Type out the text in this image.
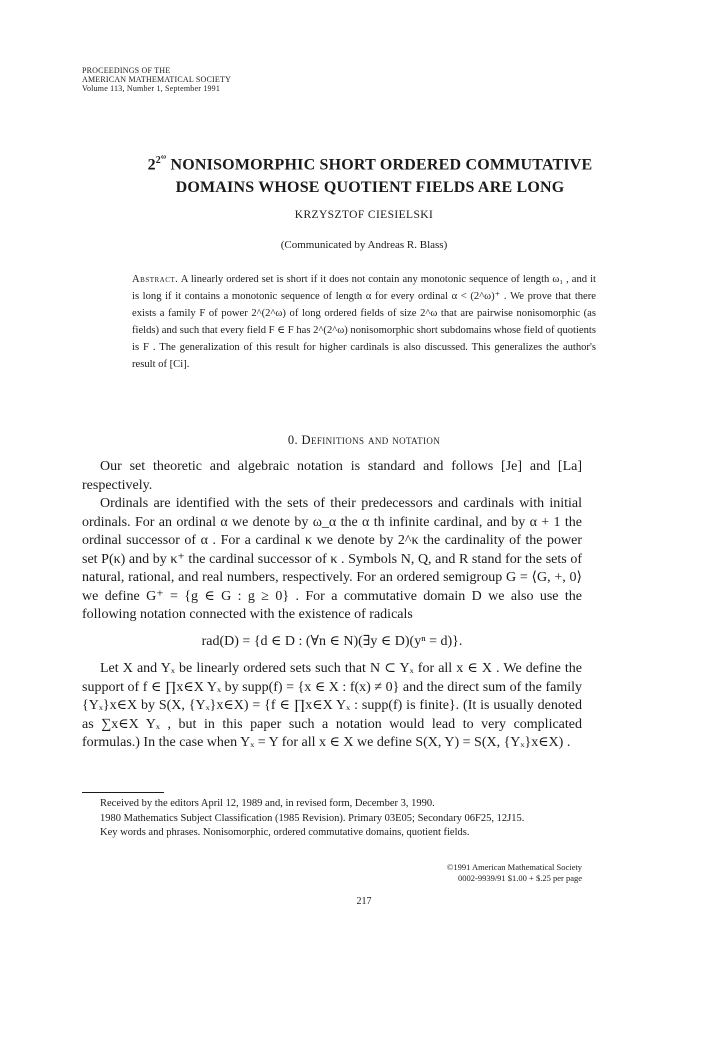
PROCEEDINGS OF THE
AMERICAN MATHEMATICAL SOCIETY
Volume 113, Number 1, September 1991
$2^{2^\omega}$ NONISOMORPHIC SHORT ORDERED COMMUTATIVE
DOMAINS WHOSE QUOTIENT FIELDS ARE LONG
KRZYSZTOF CIESIELSKI
(Communicated by Andreas R. Blass)
Abstract. A linearly ordered set is short if it does not contain any monotonic sequence of length ω₁ , and it is long if it contains a monotonic sequence of length α for every ordinal α < (2^ω)⁺ . We prove that there exists a family F of power 2^(2^ω) of long ordered fields of size 2^ω that are pairwise nonisomorphic (as fields) and such that every field F ∈ F has 2^(2^ω) nonisomorphic short subdomains whose field of quotients is F . The generalization of this result for higher cardinals is also discussed. This generalizes the author's result of [Ci].
0. Definitions and notation

Our set theoretic and algebraic notation is standard and follows [Je] and [La] respectively.

Ordinals are identified with the sets of their predecessors and cardinals with initial ordinals. For an ordinal α we denote by ω_α the α th infinite cardinal, and by α + 1 the ordinal successor of α . For a cardinal κ we denote by 2^κ the cardinality of the power set P(κ) and by κ⁺ the cardinal successor of κ . Symbols N, Q, and R stand for the sets of natural, rational, and real numbers, respectively. For an ordered semigroup G = ⟨G, +, 0⟩ we define G⁺ = {g ∈ G : g ≥ 0} . For a commutative domain D we also use the following notation connected with the existence of radicals

rad(D) = {d ∈ D : (∀n ∈ N)(∃y ∈ D)(yⁿ = d)}.

Let X and Yₓ be linearly ordered sets such that N ⊂ Yₓ for all x ∈ X . We define the support of f ∈ ∏x∈X Yₓ by supp(f) = {x ∈ X : f(x) ≠ 0} and the direct sum of the family {Yₓ}x∈X by S(X, {Yₓ}x∈X) = {f ∈ ∏x∈X Yₓ : supp(f) is finite}. (It is usually denoted as ∑x∈X Yₓ , but in this paper such a notation would lead to very complicated formulas.) In the case when Yₓ = Y for all x ∈ X we define S(X, Y) = S(X, {Yₓ}x∈X) .

Received by the editors April 12, 1989 and, in revised form, December 3, 1990.

1980 Mathematics Subject Classification (1985 Revision). Primary 03E05; Secondary 06F25, 12J15.

Key words and phrases. Nonisomorphic, ordered commutative domains, quotient fields.

©1991 American Mathematical Society
0002-9939/91 $1.00 + $.25 per page
217
